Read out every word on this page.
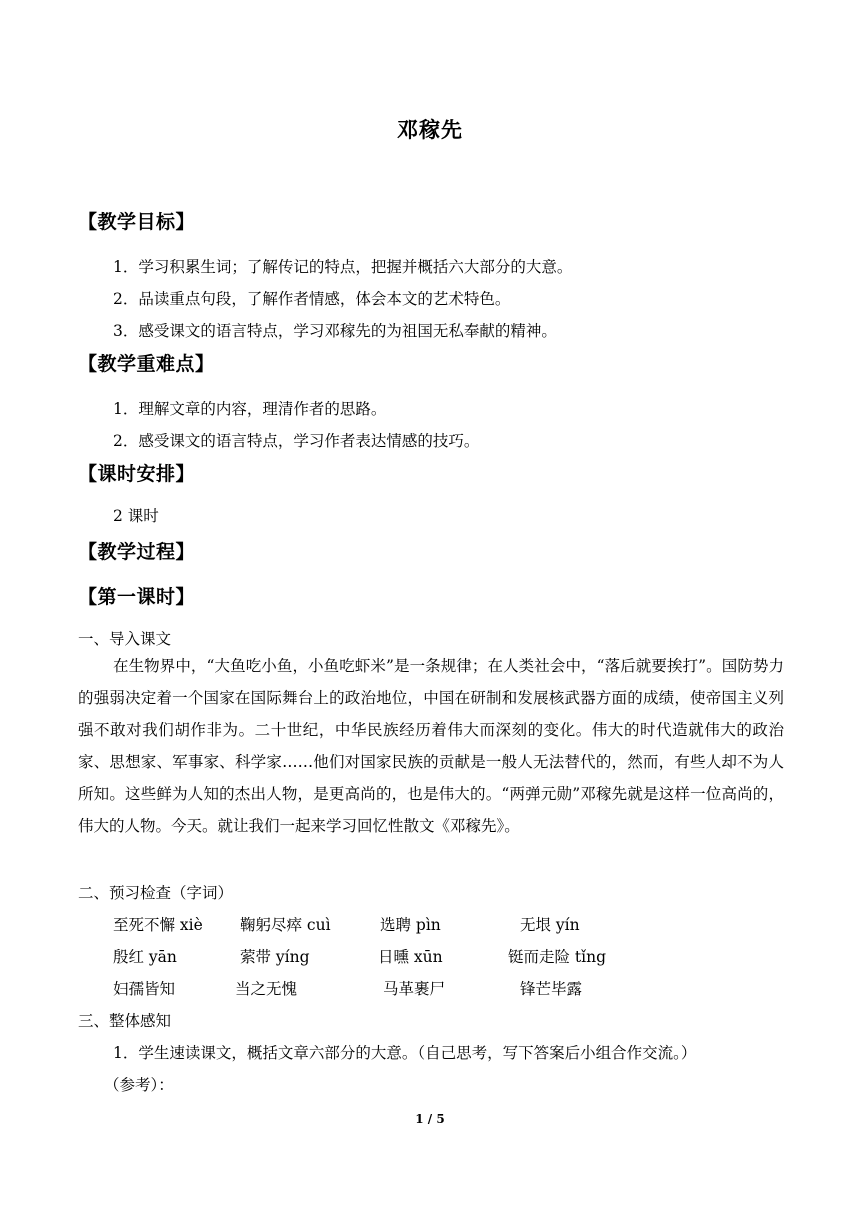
邓稼先
【教学目标】
1．学习积累生词；了解传记的特点，把握并概括六大部分的大意。
2．品读重点句段，了解作者情感，体会本文的艺术特色。
3．感受课文的语言特点，学习邓稼先的为祖国无私奉献的精神。
【教学重难点】
1．理解文章的内容，理清作者的思路。
2．感受课文的语言特点，学习作者表达情感的技巧。
【课时安排】
2 课时
【教学过程】
【第一课时】
一、导入课文
在生物界中，“大鱼吃小鱼，小鱼吃虾米”是一条规律；在人类社会中，“落后就要挨打”。国防势力的强弱决定着一个国家在国际舞台上的政治地位，中国在研制和发展核武器方面的成绩，使帝国主义列强不敢对我们胡作非为。二十世纪，中华民族经历着伟大而深刻的变化。伟大的时代造就伟大的政治家、思想家、军事家、科学家……他们对国家民族的贡献是一般人无法替代的，然而，有些人却不为人所知。这些鲜为人知的杰出人物，是更高尚的，也是伟大的。“两弹元勋”邓稼先就是这样一位高尚的，伟大的人物。今天。就让我们一起来学习回忆性散文《邓稼先》。
二、预习检查（字词）
至死不懈 xiè 鞠躬尽瘁 cuì	选聘 pìn	无垠 yín
殷红 yān	萦带 yíng	日曛 xūn	铤而走险 tǐng
妇孺皆知	当之无愧	马革裹尸	锋芒毕露
三、整体感知
1．学生速读课文，概括文章六部分的大意。（自己思考，写下答案后小组合作交流。）
（参考）：
1 / 5
